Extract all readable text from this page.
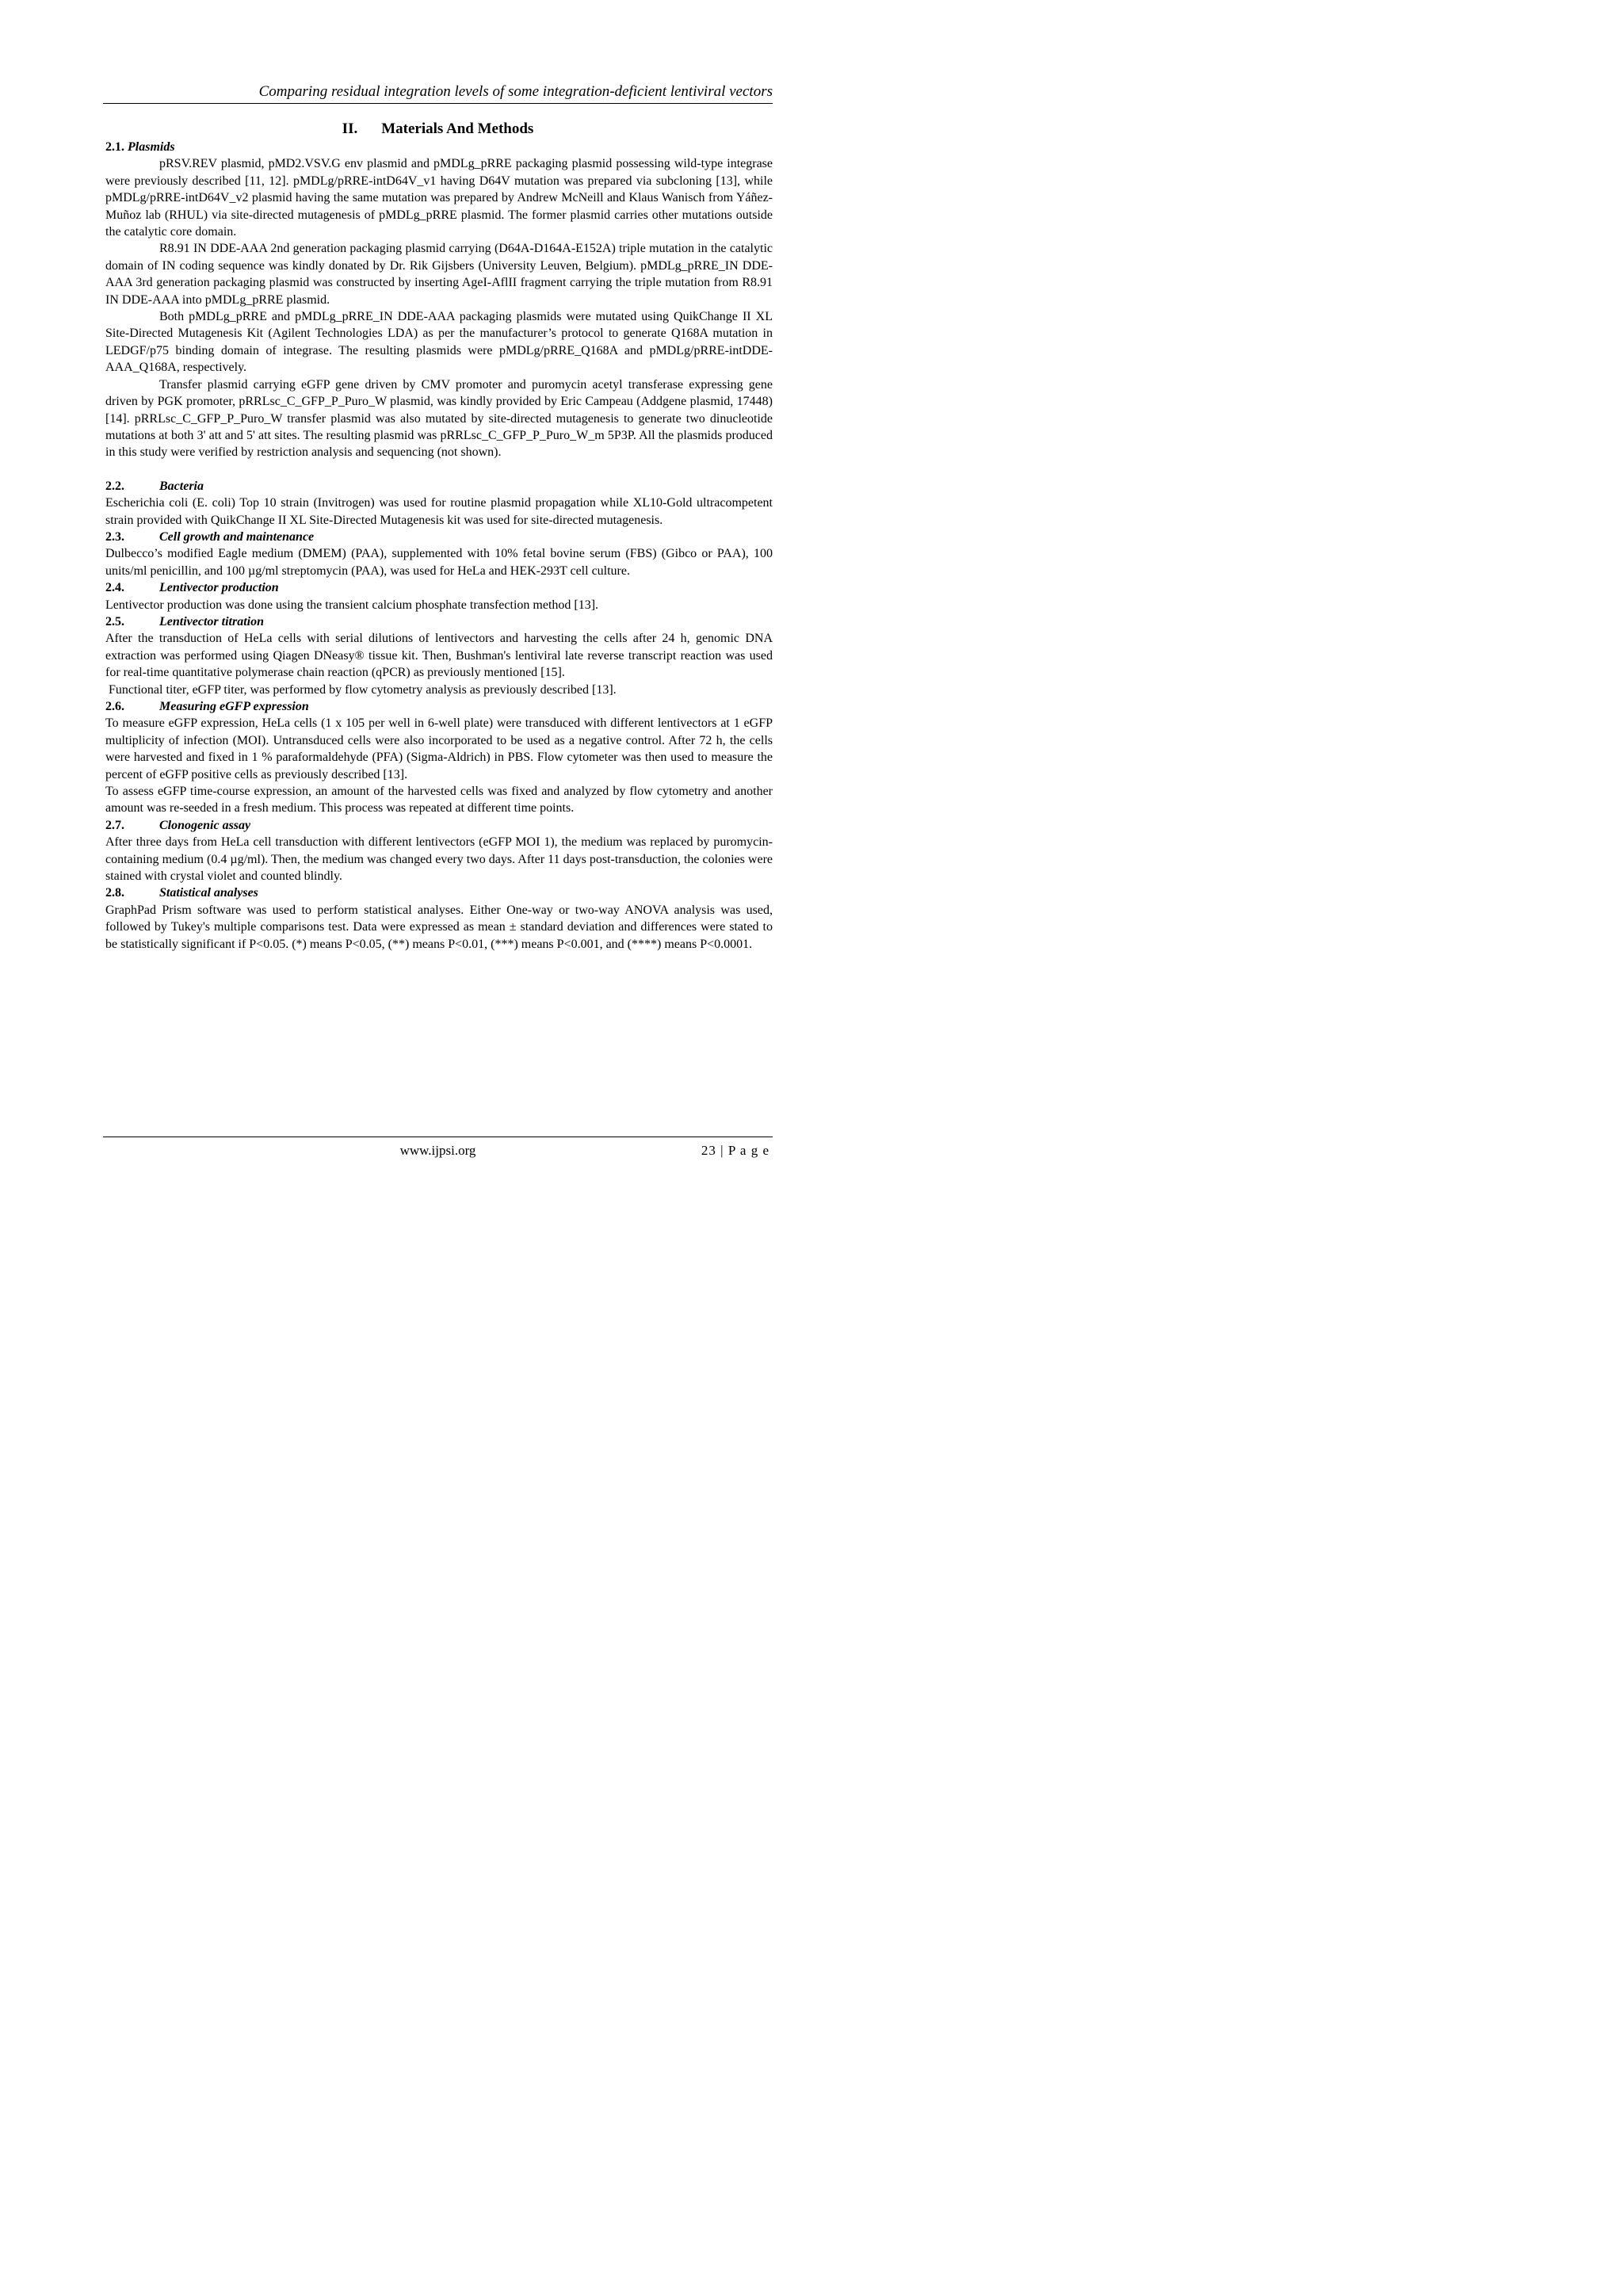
Comparing residual integration levels of some integration-deficient lentiviral vectors
II. Materials And Methods
2.1. Plasmids

pRSV.REV plasmid, pMD2.VSV.G env plasmid and pMDLg_pRRE packaging plasmid possessing wild-type integrase were previously described [11, 12]. pMDLg/pRRE-intD64V_v1 having D64V mutation was prepared via subcloning [13], while pMDLg/pRRE-intD64V_v2 plasmid having the same mutation was prepared by Andrew McNeill and Klaus Wanisch from Yáñez-Muñoz lab (RHUL) via site-directed mutagenesis of pMDLg_pRRE plasmid. The former plasmid carries other mutations outside the catalytic core domain.

R8.91 IN DDE-AAA 2nd generation packaging plasmid carrying (D64A-D164A-E152A) triple mutation in the catalytic domain of IN coding sequence was kindly donated by Dr. Rik Gijsbers (University Leuven, Belgium). pMDLg_pRRE_IN DDE-AAA 3rd generation packaging plasmid was constructed by inserting AgeI-AflII fragment carrying the triple mutation from R8.91 IN DDE-AAA into pMDLg_pRRE plasmid.

Both pMDLg_pRRE and pMDLg_pRRE_IN DDE-AAA packaging plasmids were mutated using QuikChange II XL Site-Directed Mutagenesis Kit (Agilent Technologies LDA) as per the manufacturer’s protocol to generate Q168A mutation in LEDGF/p75 binding domain of integrase. The resulting plasmids were pMDLg/pRRE_Q168A and pMDLg/pRRE-intDDE-AAA_Q168A, respectively.

Transfer plasmid carrying eGFP gene driven by CMV promoter and puromycin acetyl transferase expressing gene driven by PGK promoter, pRRLsc_C_GFP_P_Puro_W plasmid, was kindly provided by Eric Campeau (Addgene plasmid, 17448) [14]. pRRLsc_C_GFP_P_Puro_W transfer plasmid was also mutated by site-directed mutagenesis to generate two dinucleotide mutations at both 3' att and 5' att sites. The resulting plasmid was pRRLsc_C_GFP_P_Puro_W_m 5P3P. All the plasmids produced in this study were verified by restriction analysis and sequencing (not shown).

2.2.	Bacteria

Escherichia coli (E. coli) Top 10 strain (Invitrogen) was used for routine plasmid propagation while XL10-Gold ultracompetent strain provided with QuikChange II XL Site-Directed Mutagenesis kit was used for site-directed mutagenesis.

2.3.	Cell growth and maintenance

Dulbecco’s modified Eagle medium (DMEM) (PAA), supplemented with 10% fetal bovine serum (FBS) (Gibco or PAA), 100 units/ml penicillin, and 100 µg/ml streptomycin (PAA), was used for HeLa and HEK-293T cell culture.

2.4.	Lentivector production

Lentivector production was done using the transient calcium phosphate transfection method [13].

2.5.	Lentivector titration

After the transduction of HeLa cells with serial dilutions of lentivectors and harvesting the cells after 24 h, genomic DNA extraction was performed using Qiagen DNeasy® tissue kit. Then, Bushman's lentiviral late reverse transcript reaction was used for real-time quantitative polymerase chain reaction (qPCR) as previously mentioned [15].

Functional titer, eGFP titer, was performed by flow cytometry analysis as previously described [13].

2.6.	Measuring eGFP expression

To measure eGFP expression, HeLa cells (1 x 105 per well in 6-well plate) were transduced with different lentivectors at 1 eGFP multiplicity of infection (MOI). Untransduced cells were also incorporated to be used as a negative control. After 72 h, the cells were harvested and fixed in 1 % paraformaldehyde (PFA) (Sigma-Aldrich) in PBS. Flow cytometer was then used to measure the percent of eGFP positive cells as previously described [13].

To assess eGFP time-course expression, an amount of the harvested cells was fixed and analyzed by flow cytometry and another amount was re-seeded in a fresh medium. This process was repeated at different time points.

2.7.	Clonogenic assay

After three days from HeLa cell transduction with different lentivectors (eGFP MOI 1), the medium was replaced by puromycin-containing medium (0.4 µg/ml). Then, the medium was changed every two days. After 11 days post-transduction, the colonies were stained with crystal violet and counted blindly.

2.8.	Statistical analyses

GraphPad Prism software was used to perform statistical analyses. Either One-way or two-way ANOVA analysis was used, followed by Tukey's multiple comparisons test. Data were expressed as mean ± standard deviation and differences were stated to be statistically significant if P<0.05. (*) means P<0.05, (**) means P<0.01, (***) means P<0.001, and (****) means P<0.0001.

www.ijpsi.org	23 | P a g e
